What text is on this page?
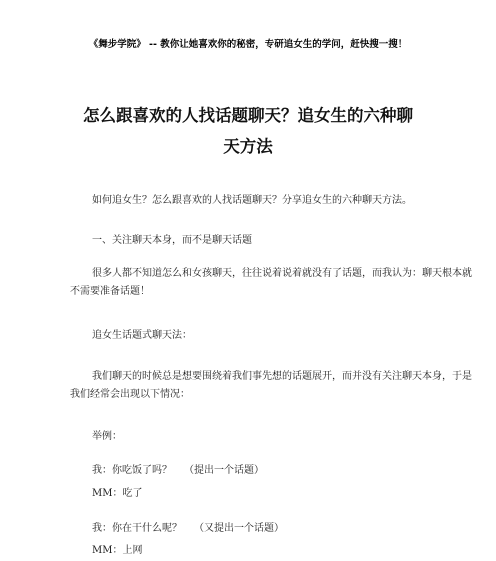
《舞步学院》 -- 教你让她喜欢你的秘密，专研追女生的学问，赶快搜一搜！
怎么跟喜欢的人找话题聊天？追女生的六种聊
天方法
如何追女生？怎么跟喜欢的人找话题聊天？分享追女生的六种聊天方法。
一、关注聊天本身，而不是聊天话题
很多人都不知道怎么和女孩聊天，往往说着说着就没有了话题，而我认为：聊天根本就
不需要准备话题！
追女生话题式聊天法：
我们聊天的时候总是想要围绕着我们事先想的话题展开，而并没有关注聊天本身，于是
我们经常会出现以下情况：
举例：
我：你吃饭了吗？ （提出一个话题）
MM：吃了
我：你在干什么呢？ （又提出一个话题）
MM：上网
